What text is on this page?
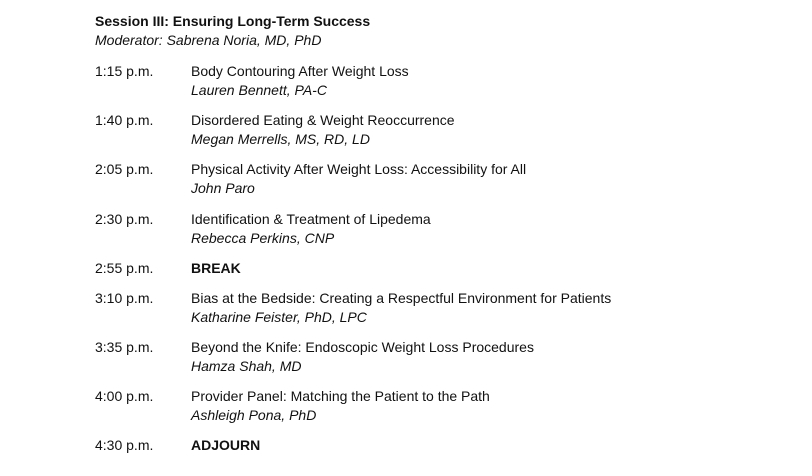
Session III: Ensuring Long-Term Success
Moderator: Sabrena Noria, MD, PhD
1:15 p.m.	Body Contouring After Weight Loss
Lauren Bennett, PA-C
1:40 p.m.	Disordered Eating & Weight Reoccurrence
Megan Merrells, MS, RD, LD
2:05 p.m.	Physical Activity After Weight Loss: Accessibility for All
John Paro
2:30 p.m.	Identification & Treatment of Lipedema
Rebecca Perkins, CNP
2:55 p.m.	BREAK
3:10 p.m.	Bias at the Bedside: Creating a Respectful Environment for Patients
Katharine Feister, PhD, LPC
3:35 p.m.	Beyond the Knife: Endoscopic Weight Loss Procedures
Hamza Shah, MD
4:00 p.m.	Provider Panel: Matching the Patient to the Path
Ashleigh Pona, PhD
4:30 p.m.	ADJOURN
